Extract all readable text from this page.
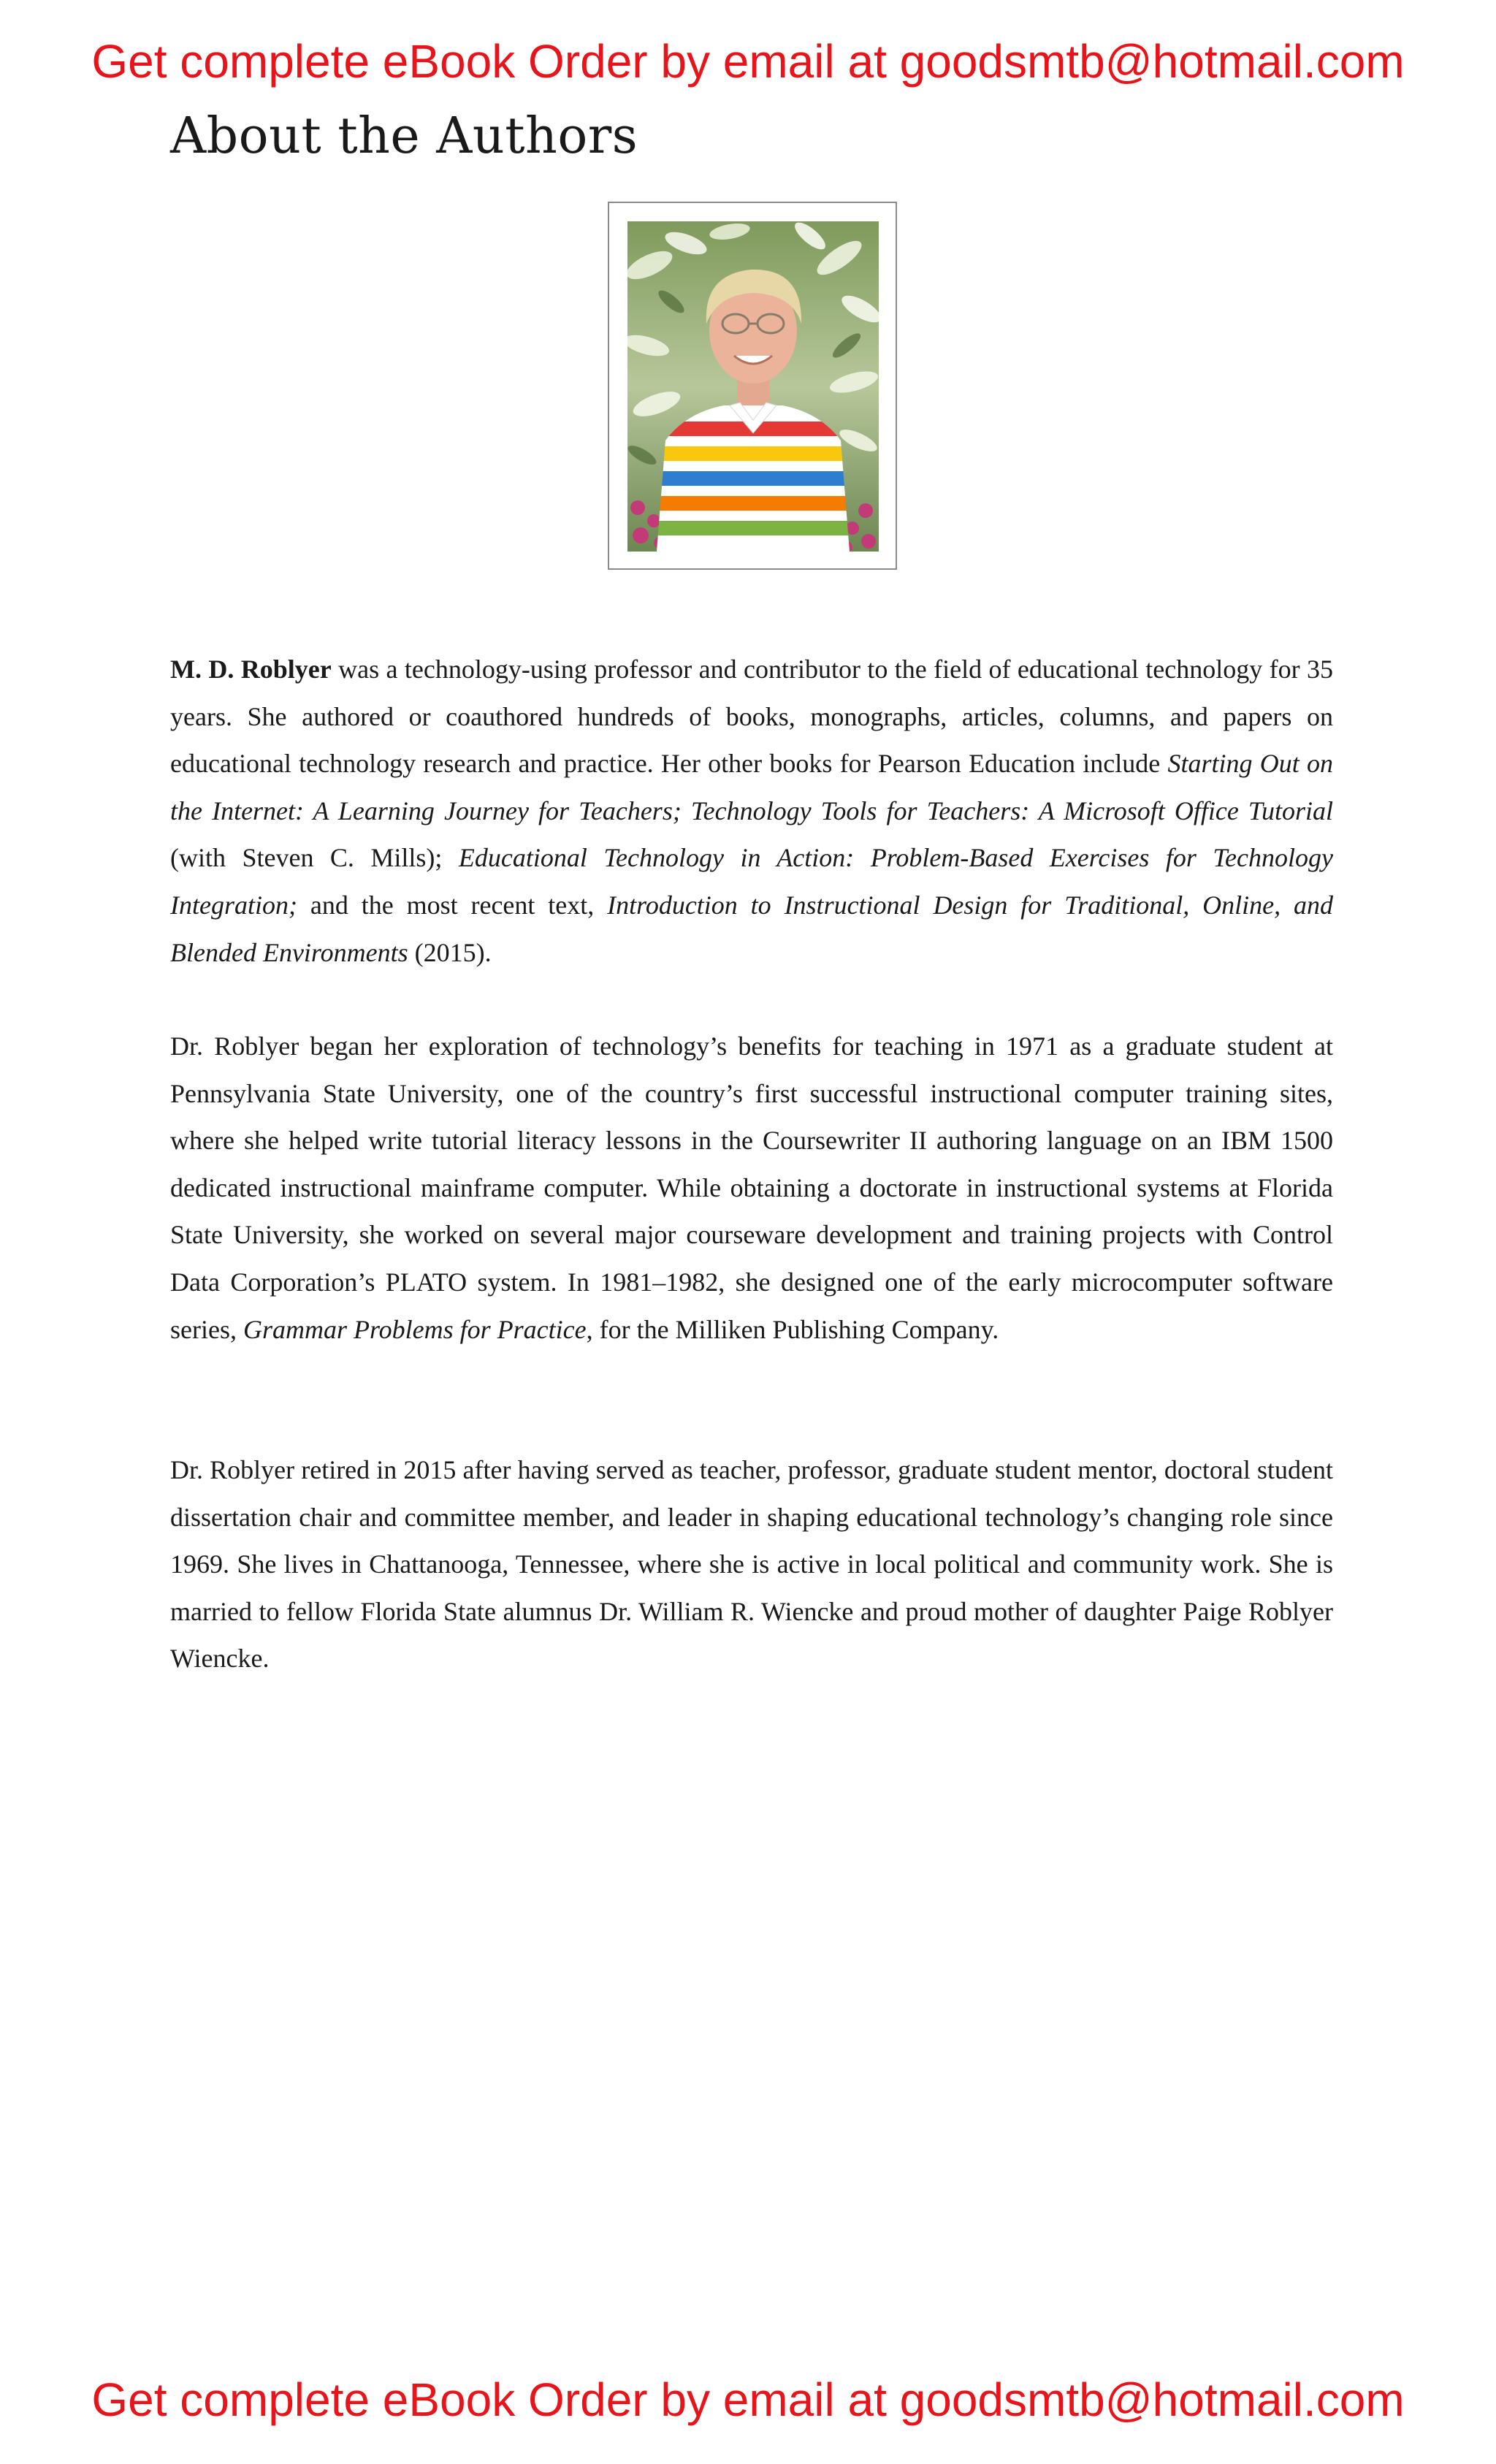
Get complete eBook Order by email at goodsmtb@hotmail.com
About the Authors

M. D. Roblyer was a technology-using professor and contributor to the field of educational technology for 35 years. She authored or coauthored hundreds of books, monographs, articles, columns, and papers on educational technology research and practice. Her other books for Pearson Education include Starting Out on the Internet: A Learning Journey for Teachers; Technology Tools for Teachers: A Microsoft Office Tutorial (with Steven C. Mills); Educational Technology in Action: Problem-Based Exercises for Technology Integration; and the most recent text, Introduction to Instructional Design for Traditional, Online, and Blended Environments (2015).

Dr. Roblyer began her exploration of technology’s benefits for teaching in 1971 as a graduate student at Pennsylvania State University, one of the country’s first successful instructional computer training sites, where she helped write tutorial literacy lessons in the Coursewriter II authoring language on an IBM 1500 dedicated instructional mainframe computer. While obtaining a doctorate in instructional systems at Florida State University, she worked on several major courseware development and training projects with Control Data Corporation’s PLATO system. In 1981–1982, she designed one of the early microcomputer software series, Grammar Problems for Practice, for the Milliken Publishing Company.

Dr. Roblyer retired in 2015 after having served as teacher, professor, graduate student mentor, doctoral student dissertation chair and committee member, and leader in shaping educational technology’s changing role since 1969. She lives in Chattanooga, Tennessee, where she is active in local political and community work. She is married to fellow Florida State alumnus Dr. William R. Wiencke and proud mother of daughter Paige Roblyer Wiencke.

Get complete eBook Order by email at goodsmtb@hotmail.com
